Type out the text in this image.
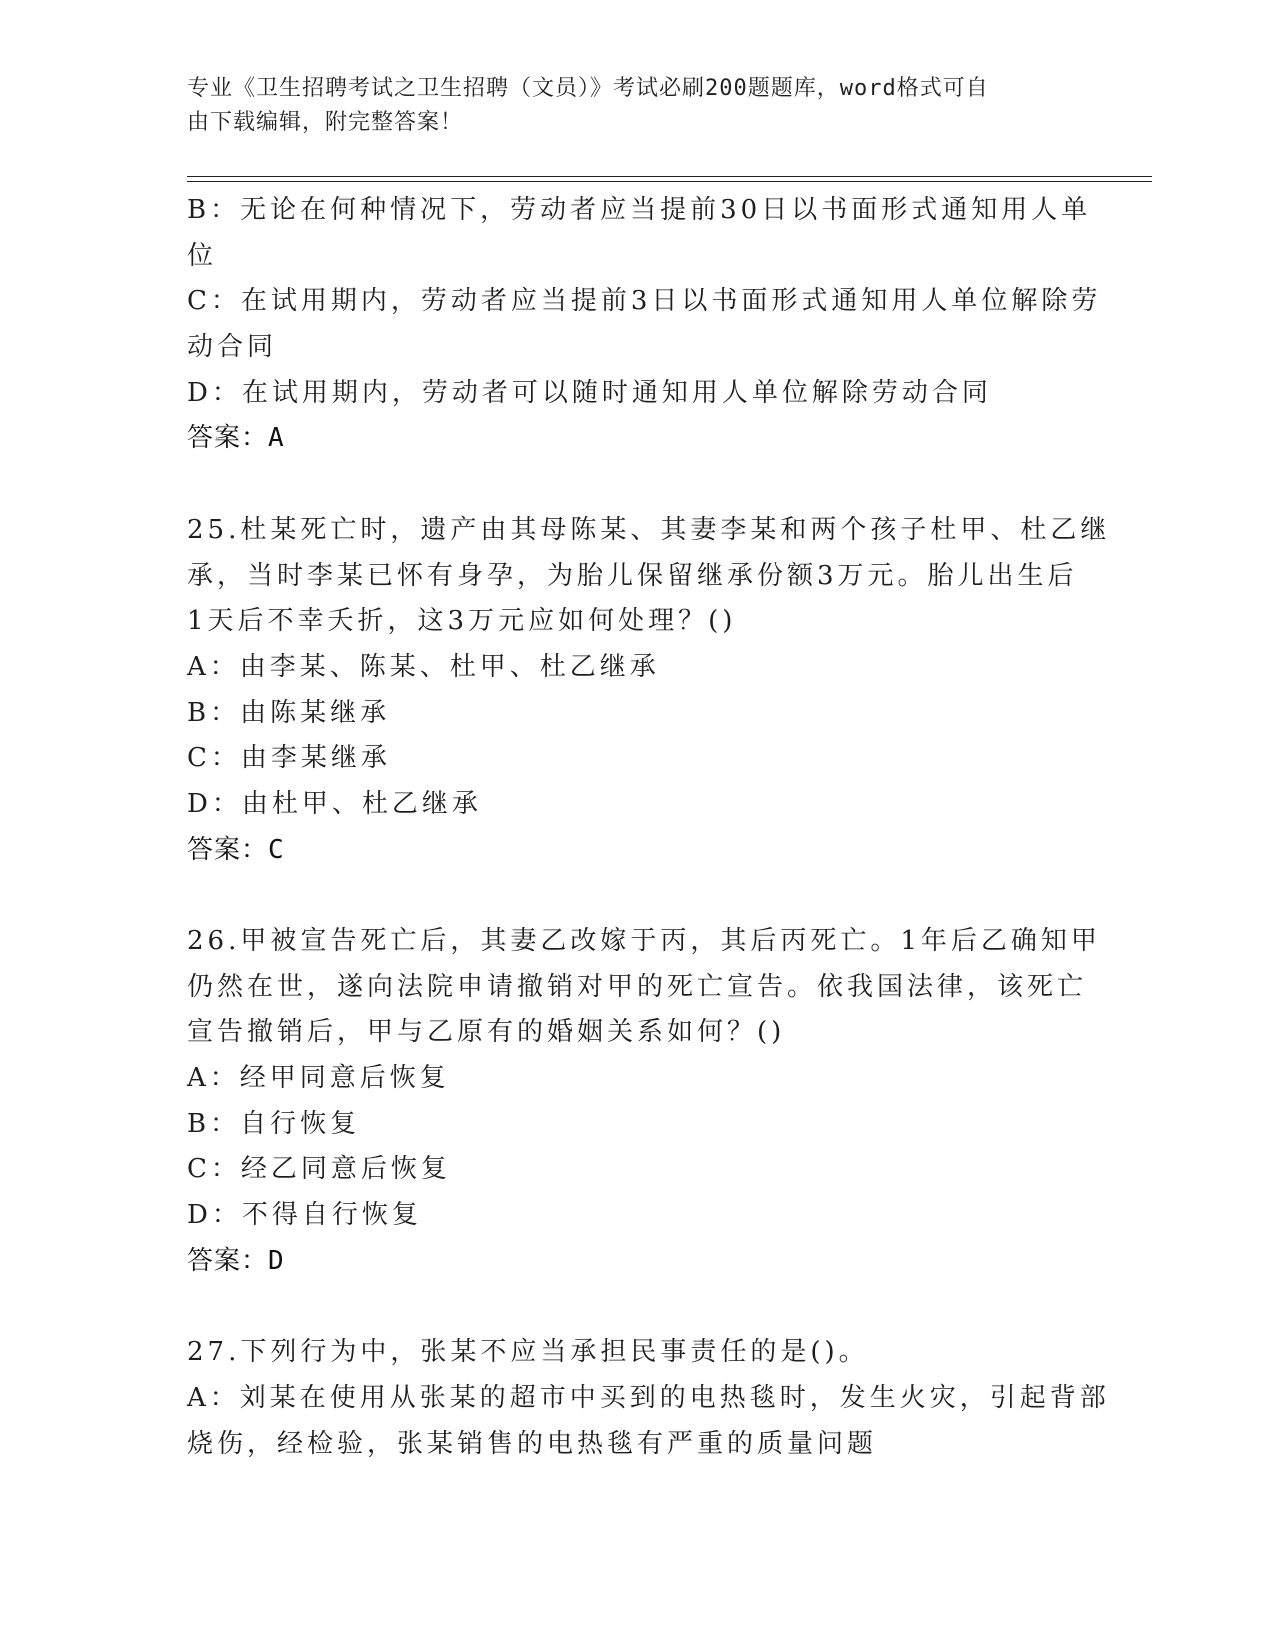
专业《卫生招聘考试之卫生招聘（文员）》考试必刷200题题库，word格式可自
由下载编辑，附完整答案！
B：无论在何种情况下，劳动者应当提前30日以书面形式通知用人单
位
C：在试用期内，劳动者应当提前3日以书面形式通知用人单位解除劳
动合同
D：在试用期内，劳动者可以随时通知用人单位解除劳动合同
答案：A
25.杜某死亡时，遗产由其母陈某、其妻李某和两个孩子杜甲、杜乙继
承，当时李某已怀有身孕，为胎儿保留继承份额3万元。胎儿出生后
1天后不幸夭折，这3万元应如何处理？()
A：由李某、陈某、杜甲、杜乙继承
B：由陈某继承
C：由李某继承
D：由杜甲、杜乙继承
答案：C
26.甲被宣告死亡后，其妻乙改嫁于丙，其后丙死亡。1年后乙确知甲
仍然在世，遂向法院申请撤销对甲的死亡宣告。依我国法律，该死亡
宣告撤销后，甲与乙原有的婚姻关系如何？()
A：经甲同意后恢复
B：自行恢复
C：经乙同意后恢复
D：不得自行恢复
答案：D
27.下列行为中，张某不应当承担民事责任的是()。
A：刘某在使用从张某的超市中买到的电热毯时，发生火灾，引起背部
烧伤，经检验，张某销售的电热毯有严重的质量问题
